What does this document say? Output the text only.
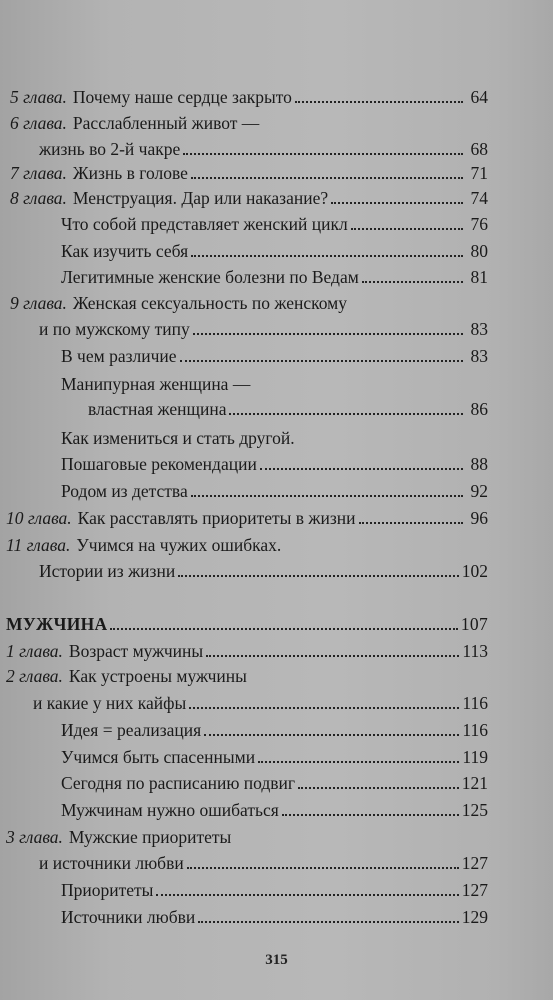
5 глава. Почему наше сердце закрыто	64
6 глава. Расслабленный живот —
жизнь во 2-й чакре	68
7 глава. Жизнь в голове	71
8 глава. Менструация. Дар или наказание?	74
Что собой представляет женский цикл	76
Как изучить себя	80
Легитимные женские болезни по Ведам	81
9 глава. Женская сексуальность по женскому
и по мужскому типу	83
В чем различие	83
Манипурная женщина —
властная женщина	86
Как измениться и стать другой.
Пошаговые рекомендации	88
Родом из детства	92
10 глава. Как расставлять приоритеты в жизни	96
11 глава. Учимся на чужих ошибках.
Истории из жизни	102
МУЖЧИНА	107
1 глава. Возраст мужчины	113
2 глава. Как устроены мужчины
и какие у них кайфы	116
Идея = реализация	116
Учимся быть спасенными	119
Сегодня по расписанию подвиг	121
Мужчинам нужно ошибаться	125
3 глава. Мужские приоритеты
и источники любви	127
Приоритеты	127
Источники любви	129
315
